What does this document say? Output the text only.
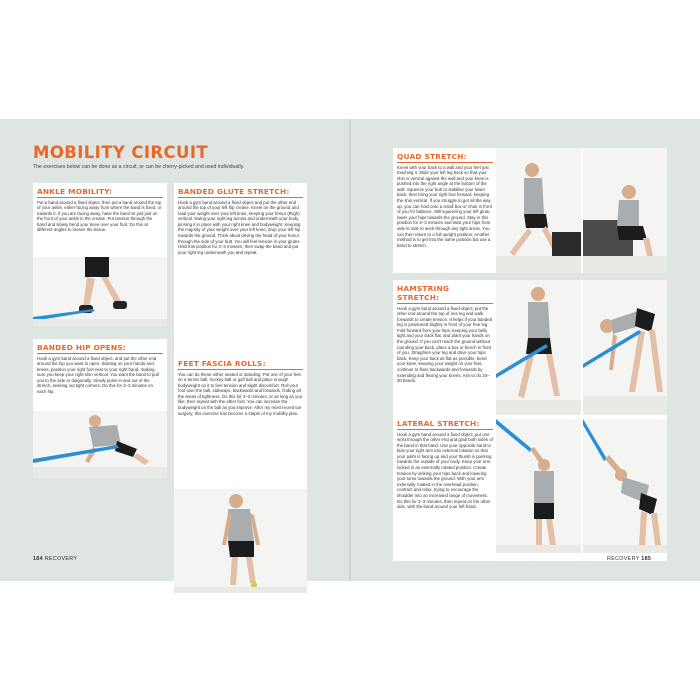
MOBILITY CIRCUIT
The exercises below can be done as a circuit, or can be cherry-picked and used individually.
ANKLE MOBILITY:

Put a band around a fixed object, then put a band around the top of your ankle, either facing away from where the band is fixed, or towards it. If you are facing away, have the band sit just just on the front of your ankle in the crease. Put tension through the band and slowly bend your knee over your foot. Do this at different angles to loosen the tissue.

BANDED GLUTE STRETCH:

Hook a gym band around a fixed object and put the other end around the top of your left hip crease. Kneel on the ground and load your weight over your left knee, keeping your femur (thigh) vertical. Swing your right leg across and underneath your body, pinning it in place with your right knee and bodyweight. Keeping the majority of your weight over your left knee, drop your left hip towards the ground. Think about driving the head of your femur through the side of your butt. You will feel tension in your glutes. Hold this position for 2–3 minutes, then swap the band and put your right leg underneath you and repeat.

BANDED HIP OPENS:

Hook a gym band around a fixed object, and put the other end around the hip you want to open. Starting on your hands and knees, position your right foot next to your right hand, making sure you keep your right shin vertical. You want the band to pull you to the side or diagonally. Slowly pulse in and out of the stretch, seeking out tight corners. Do this for 2–3 minutes on each hip.

FEET FASCIA ROLLS:

You can do these either seated or standing. Put one of your feet on a tennis ball, hockey ball or golf ball and place enough bodyweight on it to feel tension and slight discomfort. Roll your foot over the ball, sideways, backwards and forwards, finding all the areas of tightness. Do this for 2–3 minutes, or as long as you like, then repeat with the other foot. You can increase the bodyweight on the ball as you improve. After my most recent toe surgery, this exercise has become a staple of my mobility plan.

184 RECOVERY
QUAD STRETCH:

Kneel with your back to a wall and your feet just touching it. Slide your left leg back so that your shin is vertical against the wall and your knee is pushed into the right angle at the bottom of the wall. Squeeze your butt to stabilise your lower back, then bring your right foot forward, keeping the shin vertical. If you struggle to get all the way up, you can hold onto a small box or chair in front of you for balance. Still squeezing your left glute, lower your hips towards the ground. Stay in this position for 2–3 minutes and twist your hips from side to side to work through any tight areas. You can then return to a full upright position. Another method is to get into the same position but use a band to stretch.

HAMSTRING STRETCH:

Hook a gym band around a fixed object, put the other end around the top of one leg and walk forwards to create tension. It helps if your banded leg is positioned slightly in front of your free leg. Fold forward from your hips, keeping your belly tight and your back flat, and plant your hands on the ground. If you can't reach the ground without rounding your back, place a box or bench in front of you. Straighten your leg and drive your hips back. Keep your back as flat as possible, bend your knee, keeping your weight on your feet, continue to floss backwards and forwards by extending and flexing your knees. Aim to do 20–30 bends.

LATERAL STRETCH:

Hook a gym band around a fixed object, put one wrist through the other end and grab both sides of the band in that hand. Use your opposite hand to bias your right arm into external rotation so that your palm is facing up and your thumb is pointing towards the outside of your body. Keep your arm locked in an externally rotated position. Create tension by sinking your hips back and lowering your torso towards the ground. With your arm externally rotated in the overhead position, contract and relax, trying to encourage the shoulder into an increased range of movement. Do this for 2–3 minutes, then repeat on the other side, with the band around your left hand.

RECOVERY 185
